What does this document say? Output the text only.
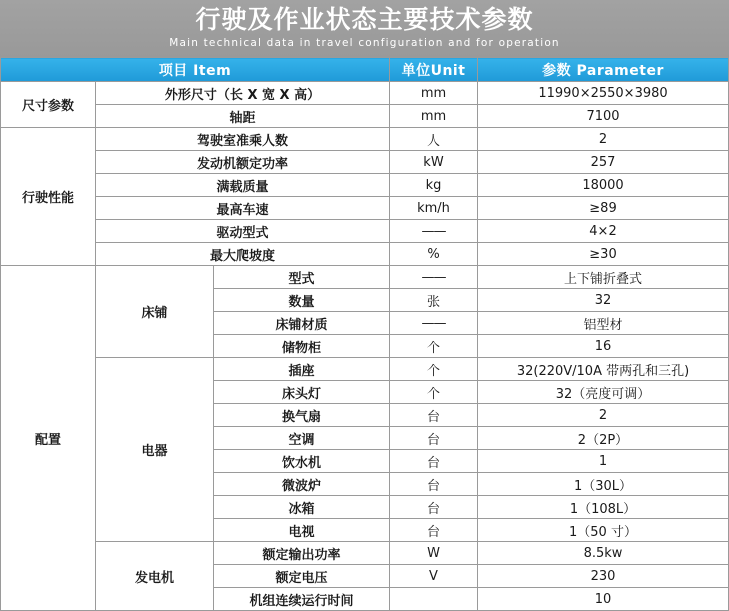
行驶及作业状态主要技术参数
Main technical data in travel configuration and for operation
项目 Item			单位Unit	参数 Parameter
尺寸参数	外形尺寸（长 X 宽 X 高）		mm	11990×2550×3980
	轴距		mm	7100
行驶性能	驾驶室准乘人数		人	2
	发动机额定功率		kW	257
	满载质量		kg	18000
	最高车速		km/h	≥89
	驱动型式		——	4×2
	最大爬坡度		%	≥30
配置	床铺	型式	——	上下铺折叠式
		数量	张	32
		床铺材质	——	铝型材
		储物柜	个	16
	电器	插座	个	32(220V/10A 带两孔和三孔)
		床头灯	个	32（亮度可调）
		换气扇	台	2
		空调	台	2（2P）
		饮水机	台	1
		微波炉	台	1（30L）
		冰箱	台	1（108L）
		电视	台	1（50 寸）
	发电机	额定输出功率	W	8.5kw
		额定电压	V	230
		机组连续运行时间		10
